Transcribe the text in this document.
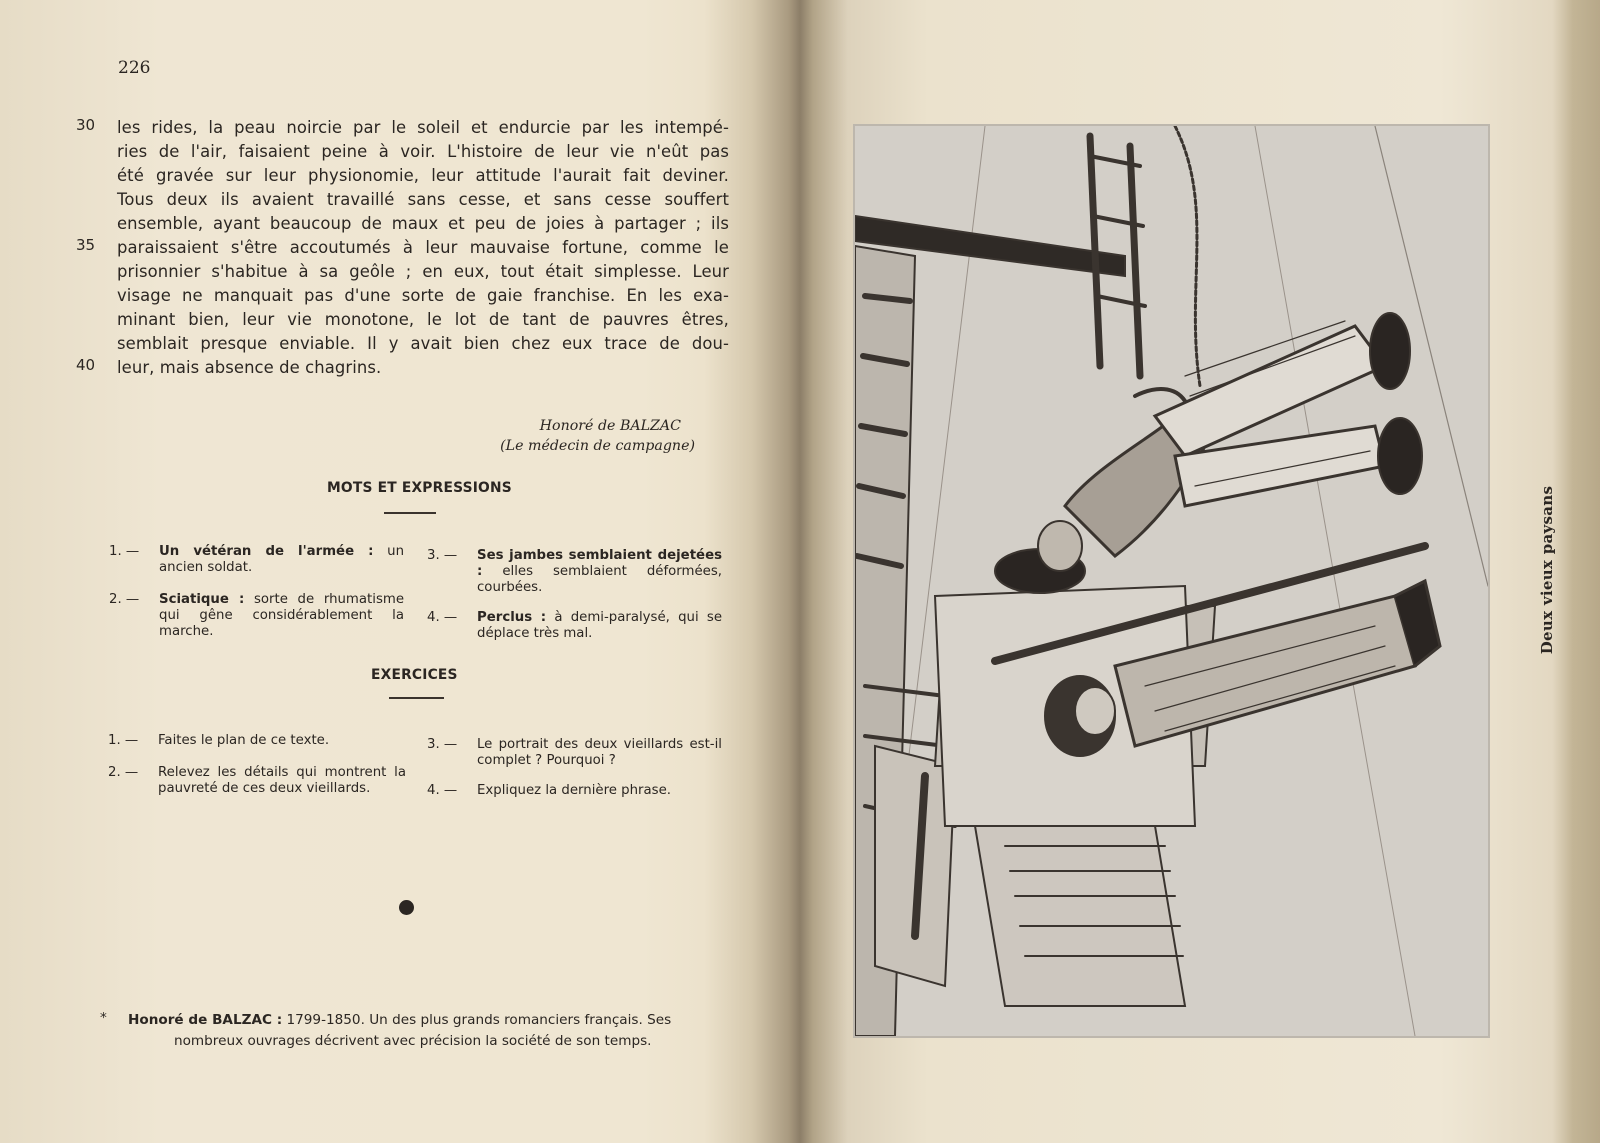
226
30
35
40
les rides, la peau noircie par le soleil et endurcie par les intempé-
ries de l'air, faisaient peine à voir. L'histoire de leur vie n'eût pas
été gravée sur leur physionomie, leur attitude l'aurait fait deviner.
Tous deux ils avaient travaillé sans cesse, et sans cesse souffert
ensemble, ayant beaucoup de maux et peu de joies à partager ; ils
paraissaient s'être accoutumés à leur mauvaise fortune, comme le
prisonnier s'habitue à sa geôle ; en eux, tout était simplesse. Leur
visage ne manquait pas d'une sorte de gaie franchise. En les exa-
minant bien, leur vie monotone, le lot de tant de pauvres êtres,
semblait presque enviable. Il y avait bien chez eux trace de dou-
leur, mais absence de chagrins.
Honoré de BALZAC
(Le médecin de campagne)
MOTS ET EXPRESSIONS
1. — Un vétéran de l'armée : un ancien soldat.
2. — Sciatique : sorte de rhumatisme qui gêne considérablement la marche.
3. — Ses jambes semblaient dejetées : elles semblaient déformées, courbées.
4. — Perclus : à demi-paralysé, qui se déplace très mal.
EXERCICES
1. — Faites le plan de ce texte.
2. — Relevez les détails qui montrent la pauvreté de ces deux vieillards.
3. — Le portrait des deux vieillards est-il complet ? Pourquoi ?
4. — Expliquez la dernière phrase.
* Honoré de BALZAC : 1799-1850. Un des plus grands romanciers français. Ses
nombreux ouvrages décrivent avec précision la société de son temps.
Deux vieux paysans
